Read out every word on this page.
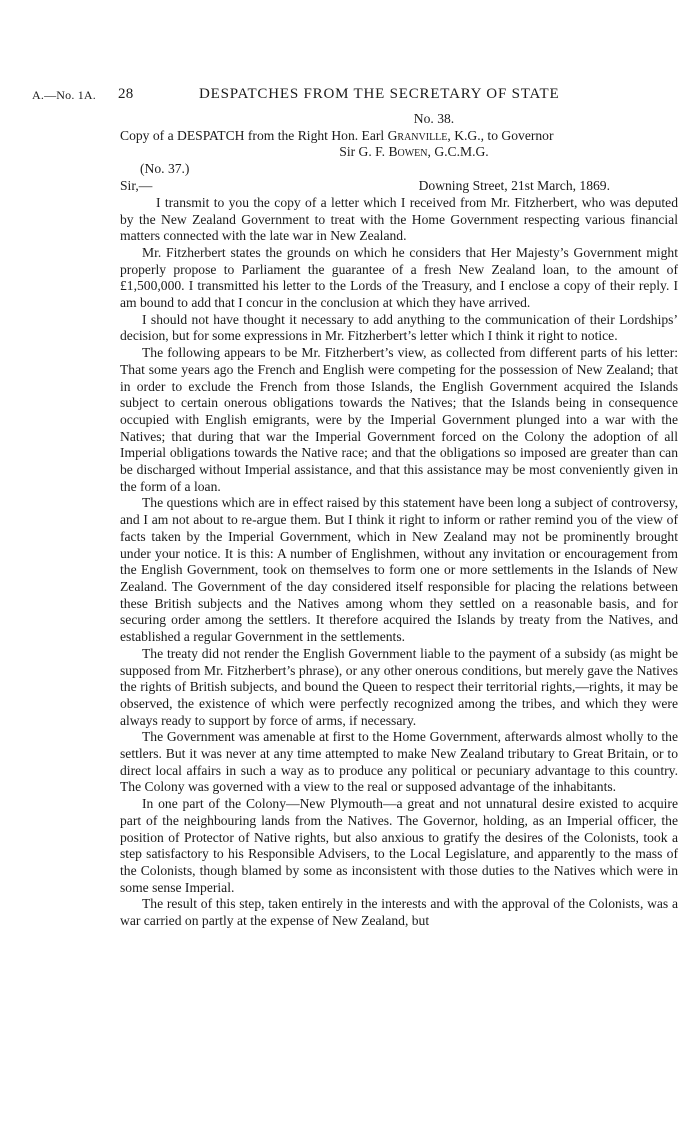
A.—No. 1A. 28	DESPATCHES FROM THE SECRETARY OF STATE

No. 38.

Copy of a DESPATCH from the Right Hon. Earl Granville, K.G., to Governor

Sir G. F. Bowen, G.C.M.G.

(No. 37.)

Sir,—	Downing Street, 21st March, 1869.

I transmit to you the copy of a letter which I received from Mr. Fitzherbert, who was deputed by the New Zealand Government to treat with the Home Government respecting various financial matters connected with the late war in New Zealand.

Mr. Fitzherbert states the grounds on which he considers that Her Majesty’s Government might properly propose to Parliament the guarantee of a fresh New Zealand loan, to the amount of £1,500,000. I transmitted his letter to the Lords of the Treasury, and I enclose a copy of their reply. I am bound to add that I concur in the conclusion at which they have arrived.

I should not have thought it necessary to add anything to the communication of their Lordships’ decision, but for some expressions in Mr. Fitzherbert’s letter which I think it right to notice.

The following appears to be Mr. Fitzherbert’s view, as collected from different parts of his letter: That some years ago the French and English were competing for the possession of New Zealand; that in order to exclude the French from those Islands, the English Government acquired the Islands subject to certain onerous obligations towards the Natives; that the Islands being in consequence occupied with English emigrants, were by the Imperial Government plunged into a war with the Natives; that during that war the Imperial Government forced on the Colony the adoption of all Imperial obligations towards the Native race; and that the obligations so imposed are greater than can be discharged without Imperial assistance, and that this assistance may be most conveniently given in the form of a loan.

The questions which are in effect raised by this statement have been long a subject of controversy, and I am not about to re-argue them. But I think it right to inform or rather remind you of the view of facts taken by the Imperial Government, which in New Zealand may not be prominently brought under your notice. It is this: A number of Englishmen, without any invitation or encouragement from the English Government, took on themselves to form one or more settlements in the Islands of New Zealand. The Government of the day considered itself responsible for placing the relations between these British subjects and the Natives among whom they settled on a reasonable basis, and for securing order among the settlers. It therefore acquired the Islands by treaty from the Natives, and established a regular Government in the settlements.

The treaty did not render the English Government liable to the payment of a subsidy (as might be supposed from Mr. Fitzherbert’s phrase), or any other onerous conditions, but merely gave the Natives the rights of British subjects, and bound the Queen to respect their territorial rights,—rights, it may be observed, the existence of which were perfectly recognized among the tribes, and which they were always ready to support by force of arms, if necessary.

The Government was amenable at first to the Home Government, afterwards almost wholly to the settlers. But it was never at any time attempted to make New Zealand tributary to Great Britain, or to direct local affairs in such a way as to produce any political or pecuniary advantage to this country. The Colony was governed with a view to the real or supposed advantage of the inhabitants.

In one part of the Colony—New Plymouth—a great and not unnatural desire existed to acquire part of the neighbouring lands from the Natives. The Governor, holding, as an Imperial officer, the position of Protector of Native rights, but also anxious to gratify the desires of the Colonists, took a step satisfactory to his Responsible Advisers, to the Local Legislature, and apparently to the mass of the Colonists, though blamed by some as inconsistent with those duties to the Natives which were in some sense Imperial.

The result of this step, taken entirely in the interests and with the approval of the Colonists, was a war carried on partly at the expense of New Zealand, but
